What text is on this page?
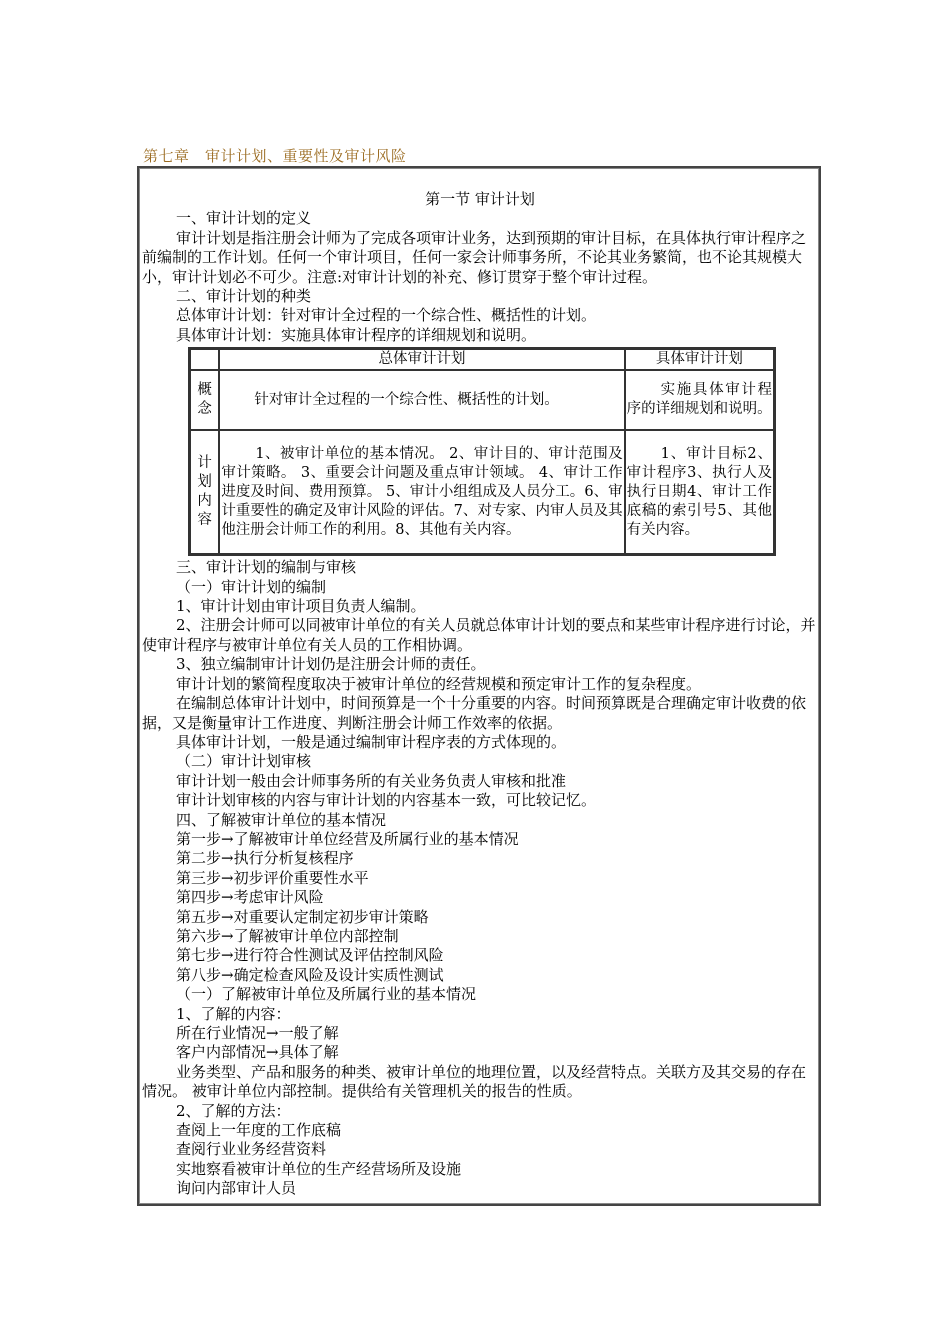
第七章　审计计划、重要性及审计风险

第一节 审计计划

一、审计计划的定义

审计计划是指注册会计师为了完成各项审计业务，达到预期的审计目标，在具体执行审计程序之前编制的工作计划。任何一个审计项目，任何一家会计师事务所，不论其业务繁简，也不论其规模大小，审计计划必不可少。注意:对审计计划的补充、修订贯穿于整个审计过程。

二、审计计划的种类

总体审计计划：针对审计全过程的一个综合性、概括性的计划。

具体审计计划：实施具体审计程序的详细规划和说明。

	总体审计计划	具体审计计划
概念	针对审计全过程的一个综合性、概括性的计划。	实施具体审计程序的详细规划和说明。
计划内容	1、被审计单位的基本情况。 2、审计目的、审计范围及审计策略。 3、重要会计问题及重点审计领域。 4、审计工作进度及时间、费用预算。 5、审计小组组成及人员分工。6、审计重要性的确定及审计风险的评估。7、对专家、内审人员及其他注册会计师工作的利用。8、其他有关内容。	1、审计目标2、审计程序3、执行人及执行日期4、审计工作底稿的索引号5、其他有关内容。

三、审计计划的编制与审核

（一）审计计划的编制

1、审计计划由审计项目负责人编制。

2、注册会计师可以同被审计单位的有关人员就总体审计计划的要点和某些审计程序进行讨论，并使审计程序与被审计单位有关人员的工作相协调。

3、独立编制审计计划仍是注册会计师的责任。

审计计划的繁简程度取决于被审计单位的经营规模和预定审计工作的复杂程度。

在编制总体审计计划中，时间预算是一个十分重要的内容。时间预算既是合理确定审计收费的依据，又是衡量审计工作进度、判断注册会计师工作效率的依据。

具体审计计划，一般是通过编制审计程序表的方式体现的。

（二）审计计划审核

审计计划一般由会计师事务所的有关业务负责人审核和批准

审计计划审核的内容与审计计划的内容基本一致，可比较记忆。

四、了解被审计单位的基本情况

第一步→了解被审计单位经营及所属行业的基本情况

第二步→执行分析复核程序

第三步→初步评价重要性水平

第四步→考虑审计风险

第五步→对重要认定制定初步审计策略

第六步→了解被审计单位内部控制

第七步→进行符合性测试及评估控制风险

第八步→确定检查风险及设计实质性测试

（一）了解被审计单位及所属行业的基本情况

1、了解的内容：

所在行业情况→一般了解

客户内部情况→具体了解

业务类型、产品和服务的种类、被审计单位的地理位置，以及经营特点。关联方及其交易的存在情况。 被审计单位内部控制。提供给有关管理机关的报告的性质。

2、了解的方法：

查阅上一年度的工作底稿

查阅行业业务经营资料

实地察看被审计单位的生产经营场所及设施

询问内部审计人员
